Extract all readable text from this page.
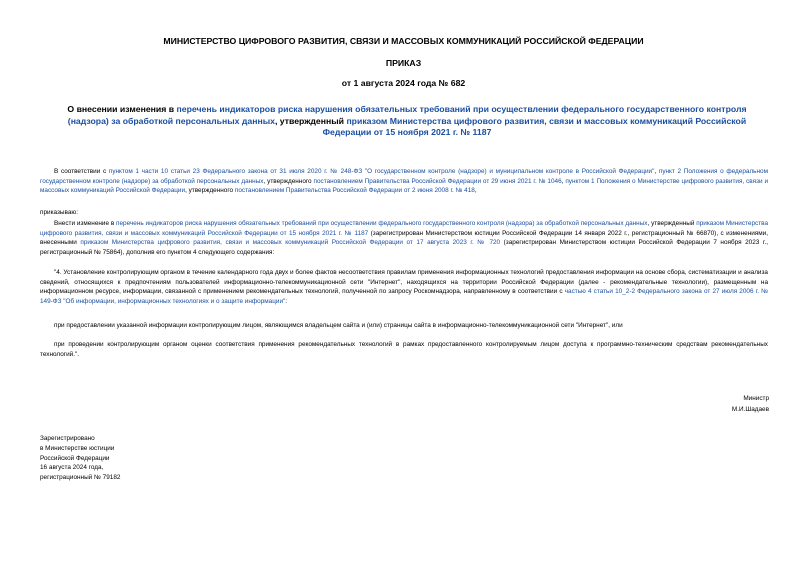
МИНИСТЕРСТВО ЦИФРОВОГО РАЗВИТИЯ, СВЯЗИ И МАССОВЫХ КОММУНИКАЦИЙ РОССИЙСКОЙ ФЕДЕРАЦИИ
ПРИКАЗ
от 1 августа 2024 года № 682
О внесении изменения в перечень индикаторов риска нарушения обязательных требований при осуществлении федерального государственного контроля (надзора) за обработкой персональных данных, утвержденный приказом Министерства цифрового развития, связи и массовых коммуникаций Российской Федерации от 15 ноября 2021 г. № 1187
В соответствии с пунктом 1 части 10 статьи 23 Федерального закона от 31 июля 2020 г. № 248-ФЗ "О государственном контроле (надзоре) и муниципальном контроле в Российской Федерации", пункт 2 Положения о федеральном государственном контроле (надзоре) за обработкой персональных данных, утвержденного постановлением Правительства Российской Федерации от 29 июня 2021 г. № 1046, пунктом 1 Положения о Министерстве цифрового развития, связи и массовых коммуникаций Российской Федерации, утвержденного постановлением Правительства Российской Федерации от 2 июня 2008 г. № 418,
приказываю:
Внести изменение в перечень индикаторов риска нарушения обязательных требований при осуществлении федерального государственного контроля (надзора) за обработкой персональных данных, утвержденный приказом Министерства цифрового развития, связи и массовых коммуникаций Российской Федерации от 15 ноября 2021 г. № 1187 (зарегистрирован Министерством юстиции Российской Федерации 14 января 2022 г., регистрационный № 66870), с изменениями, внесенными приказом Министерства цифрового развития, связи и массовых коммуникаций Российской Федерации от 17 августа 2023 г. № 720 (зарегистрирован Министерством юстиции Российской Федерации 7 ноября 2023 г., регистрационный № 75864), дополнив его пунктом 4 следующего содержания:
"4. Установление контролирующим органом в течение календарного года двух и более фактов несоответствия правилам применения информационных технологий предоставления информации на основе сбора, систематизации и анализа сведений, относящихся к предпочтениям пользователей информационно-телекоммуникационной сети "Интернет", находящихся на территории Российской Федерации (далее - рекомендательные технологии), размещенным на информационном ресурсе, информации, связанной с применением рекомендательных технологий, полученной по запросу Роскомнадзора, направленному в соответствии с частью 4 статьи 10_2-2 Федерального закона от 27 июля 2006 г. № 149-ФЗ "Об информации, информационных технологиях и о защите информации":
при предоставлении указанной информации контролирующим лицом, являющимся владельцем сайта и (или) страницы сайта в информационно-телекоммуникационной сети "Интернет", или
при проведении контролирующим органом оценки соответствия применения рекомендательных технологий в рамках предоставленного контролируемым лицом доступа к программно-техническим средствам рекомендательных технологий.".
Министр
М.И.Шадаев
Зарегистрировано
в Министерстве юстиции
Российской Федерации
16 августа 2024 года,
регистрационный № 79182
